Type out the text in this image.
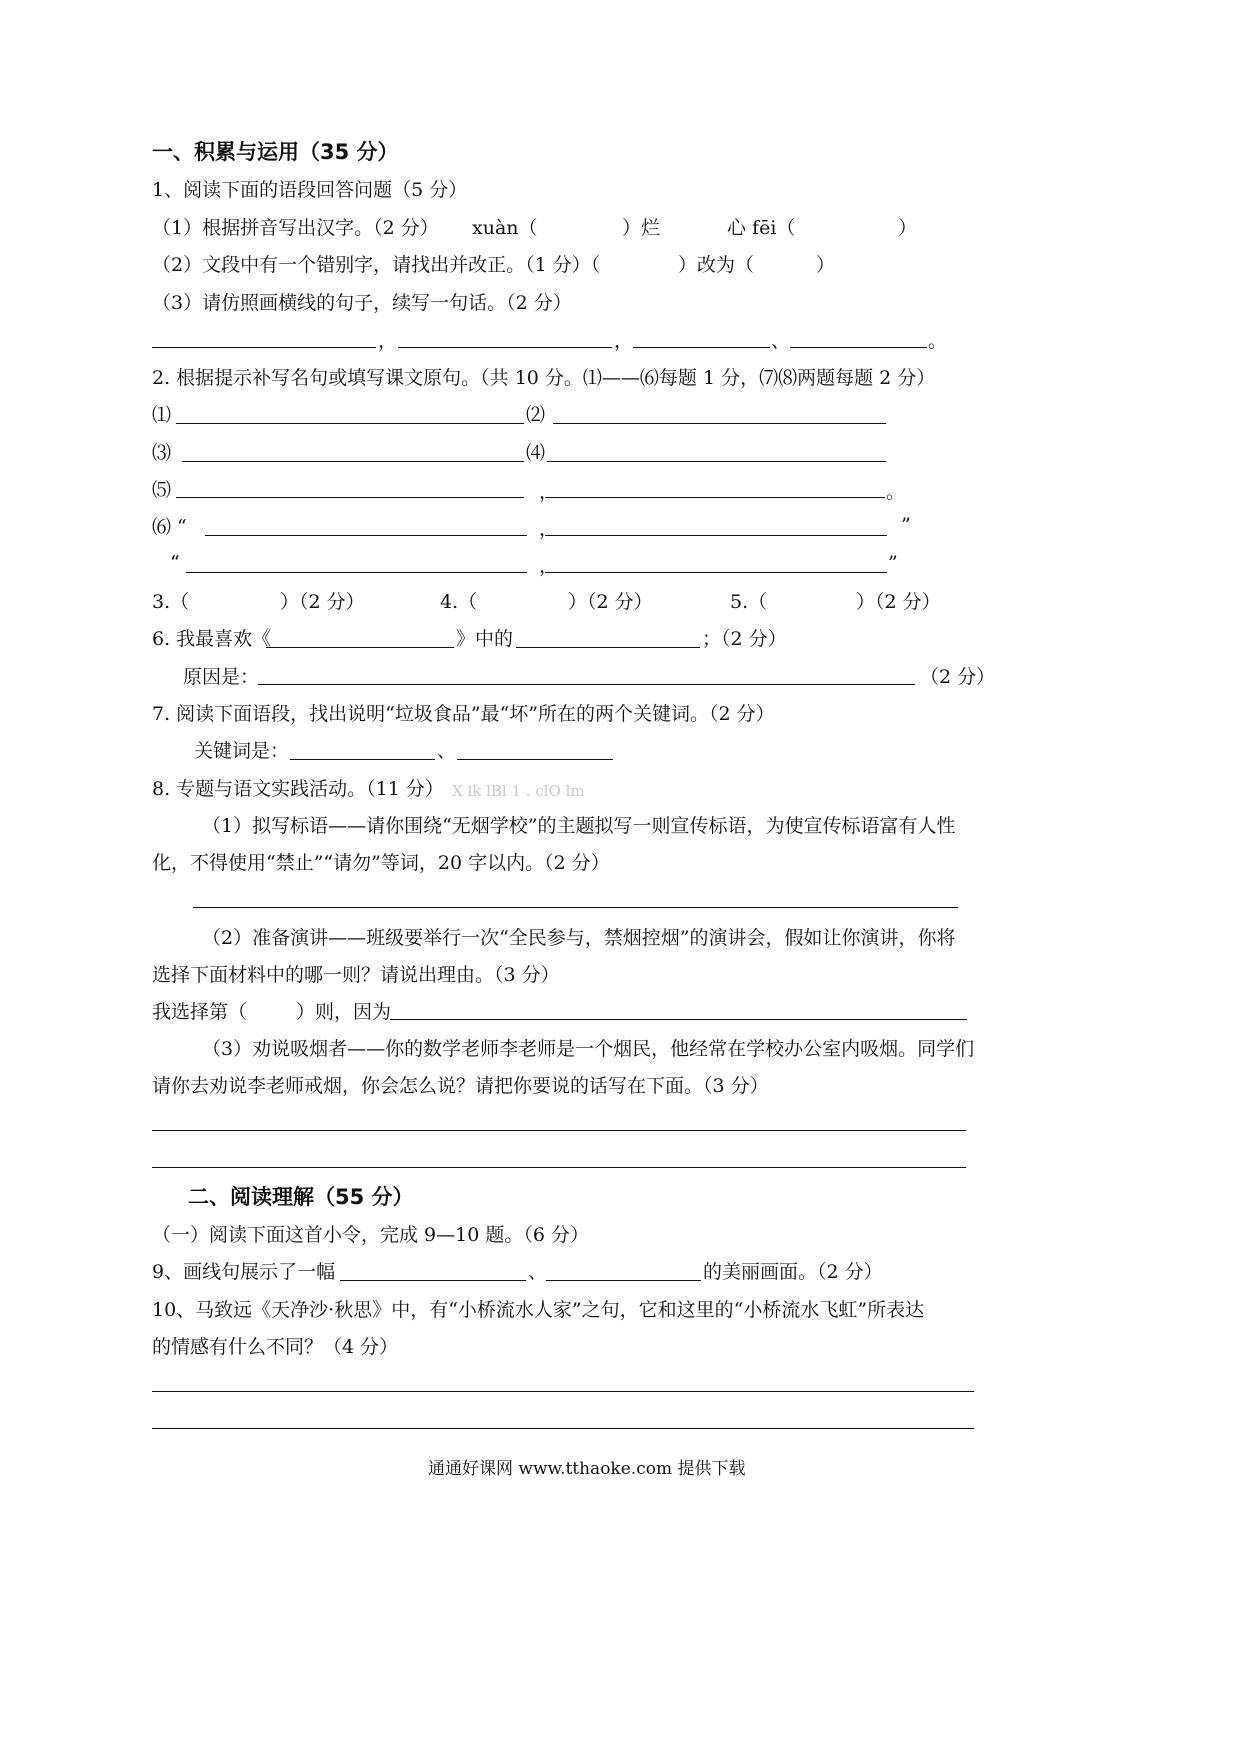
一、积累与运用（35 分）
1、阅读下面的语段回答问题（5 分）
（1）根据拼音写出汉字。（2 分） xuàn（	）烂	心 fēi（	）
（2）文段中有一个错别字，请找出并改正。（1 分）（	）改为（	）
（3）请仿照画横线的句子，续写一句话。（2 分）
，	，	、	。
2. 根据提示补写名句或填写课文原句。（共 10 分。⑴——⑹每题 1 分，⑺⑻两题每题 2 分）
⑴	⑵
⑶	⑷
⑸	，	。
⑹ “	，	”
“	，	”
3.（	）（2 分）	4.（	）（2 分）	5.（	）（2 分）
6. 我最喜欢《	》中的	；（2 分）
原因是：	（2 分）
7. 阅读下面语段，找出说明“垃圾食品”最“坏”所在的两个关键词。（2 分）
关键词是：	、
8. 专题与语文实践活动。（11 分） X lk lBl 1 . clO lm
（1）拟写标语——请你围绕“无烟学校”的主题拟写一则宣传标语，为使宣传标语富有人性
化，不得使用“禁止”“请勿”等词，20 字以内。（2 分）
（2）准备演讲——班级要举行一次“全民参与，禁烟控烟”的演讲会，假如让你演讲，你将
选择下面材料中的哪一则？请说出理由。（3 分）
我选择第（	）则，因为
（3）劝说吸烟者——你的数学老师李老师是一个烟民，他经常在学校办公室内吸烟。同学们
请你去劝说李老师戒烟，你会怎么说？请把你要说的话写在下面。（3 分）
二、阅读理解（55 分）
（一）阅读下面这首小令，完成 9—10 题。（6 分）
9、画线句展示了一幅	、	的美丽画面。（2 分）
10、马致远《天净沙·秋思》中，有“小桥流水人家”之句，它和这里的“小桥流水飞虹”所表达
的情感有什么不同？（4 分）
通通好课网 www.tthaoke.com 提供下载
